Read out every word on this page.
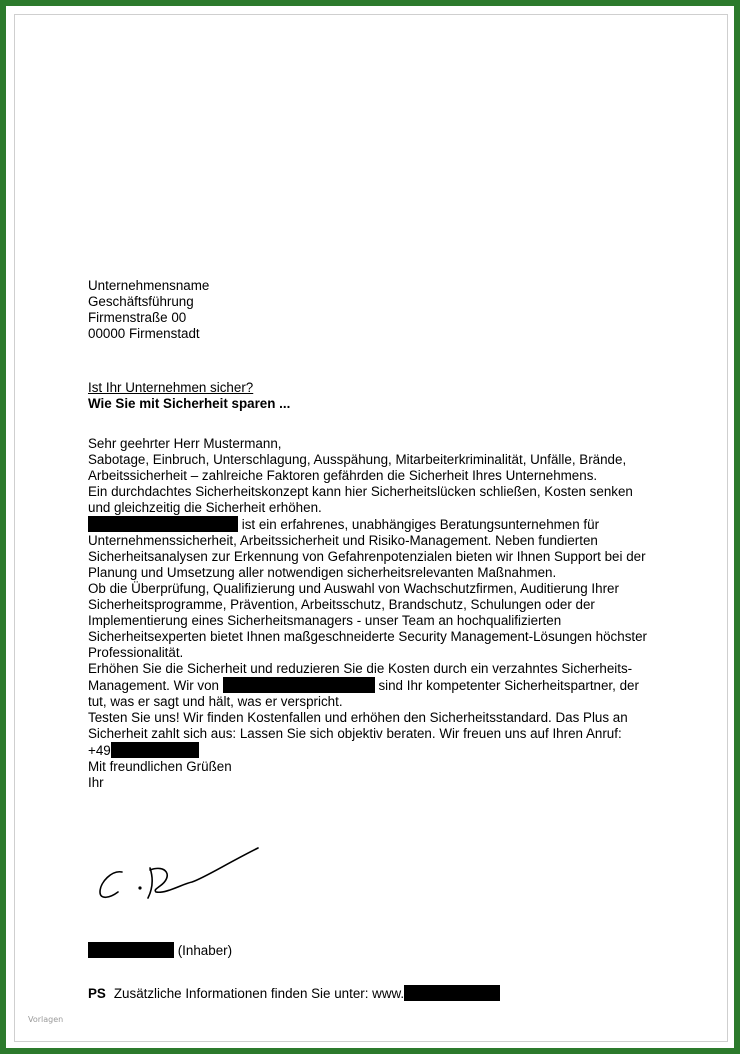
Unternehmensname

Geschäftsführung

Firmenstraße 00

00000 Firmenstadt

Ist Ihr Unternehmen sicher?

Wie Sie mit Sicherheit sparen ...

Sehr geehrter Herr Mustermann,

Sabotage, Einbruch, Unterschlagung, Ausspähung, Mitarbeiterkriminalität, Unfälle, Brände, Arbeitssicherheit – zahlreiche Faktoren gefährden die Sicherheit Ihres Unternehmens.

Ein durchdachtes Sicherheitskonzept kann hier Sicherheitslücken schließen, Kosten senken und gleichzeitig die Sicherheit erhöhen.

ist ein erfahrenes, unabhängiges Beratungsunternehmen für Unternehmenssicherheit, Arbeitssicherheit und Risiko-Management. Neben fundierten Sicherheitsanalysen zur Erkennung von Gefahrenpotenzialen bieten wir Ihnen Support bei der Planung und Umsetzung aller notwendigen sicherheitsrelevanten Maßnahmen.

Ob die Überprüfung, Qualifizierung und Auswahl von Wachschutzfirmen, Auditierung Ihrer Sicherheitsprogramme, Prävention, Arbeitsschutz, Brandschutz, Schulungen oder der Implementierung eines Sicherheitsmanagers - unser Team an hochqualifizierten Sicherheitsexperten bietet Ihnen maßgeschneiderte Security Management-Lösungen höchster Professionalität.

Erhöhen Sie die Sicherheit und reduzieren Sie die Kosten durch ein verzahntes Sicherheits-Management. Wir von	sind Ihr kompetenter Sicherheitspartner, der tut, was er sagt und hält, was er verspricht.

Testen Sie uns! Wir finden Kostenfallen und erhöhen den Sicherheitsstandard. Das Plus an Sicherheit zahlt sich aus: Lassen Sie sich objektiv beraten. Wir freuen uns auf Ihren Anruf:

+49

Mit freundlichen Grüßen

Ihr

(Inhaber)
PS Zusätzliche Informationen finden Sie unter: www.
Vorlagen
